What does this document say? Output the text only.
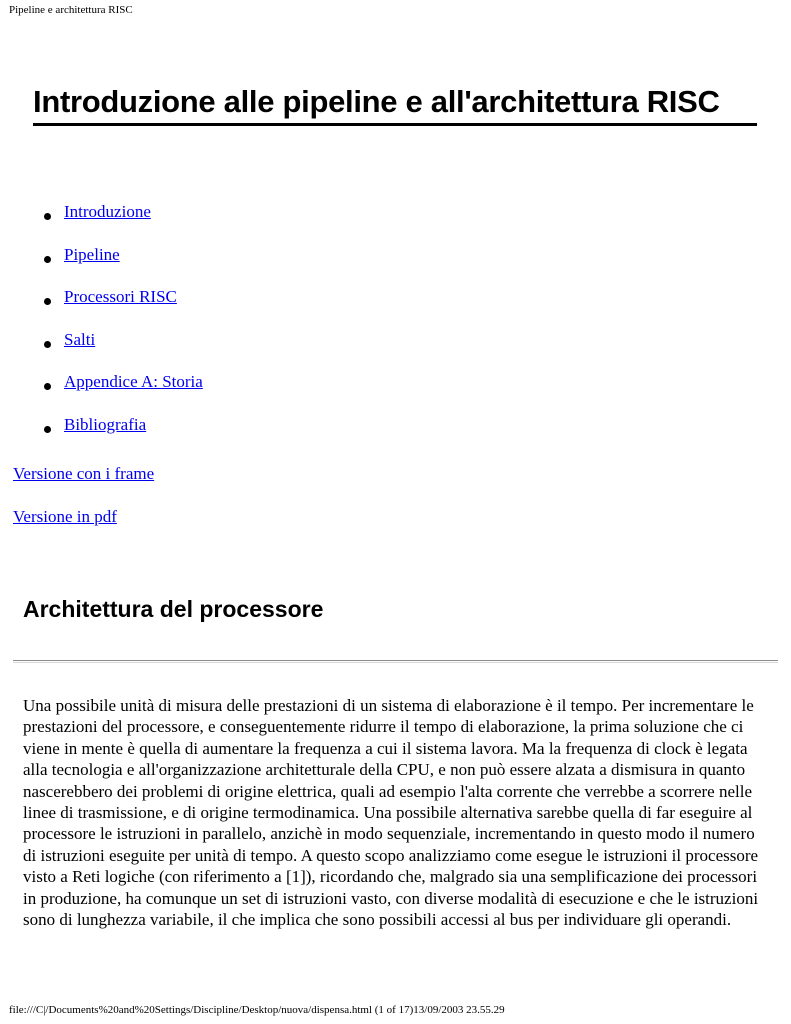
Pipeline e architettura RISC
Introduzione alle pipeline e all'architettura RISC
Introduzione
Pipeline
Processori RISC
Salti
Appendice A: Storia
Bibliografia
Versione con i frame
Versione in pdf
Architettura del processore

Una possibile unità di misura delle prestazioni di un sistema di elaborazione è il tempo. Per incrementare le prestazioni del processore, e conseguentemente ridurre il tempo di elaborazione, la prima soluzione che ci viene in mente è quella di aumentare la frequenza a cui il sistema lavora. Ma la frequenza di clock è legata alla tecnologia e all'organizzazione architetturale della CPU, e non può essere alzata a dismisura in quanto nascerebbero dei problemi di origine elettrica, quali ad esempio l'alta corrente che verrebbe a scorrere nelle linee di trasmissione, e di origine termodinamica. Una possibile alternativa sarebbe quella di far eseguire al processore le istruzioni in parallelo, anzichè in modo sequenziale, incrementando in questo modo il numero di istruzioni eseguite per unità di tempo. A questo scopo analizziamo come esegue le istruzioni il processore visto a Reti logiche (con riferimento a [1]), ricordando che, malgrado sia una semplificazione dei processori in produzione, ha comunque un set di istruzioni vasto, con diverse modalità di esecuzione e che le istruzioni sono di lunghezza variabile, il che implica che sono possibili accessi al bus per individuare gli operandi.

file:///C|/Documents%20and%20Settings/Discipline/Desktop/nuova/dispensa.html (1 of 17)13/09/2003 23.55.29
